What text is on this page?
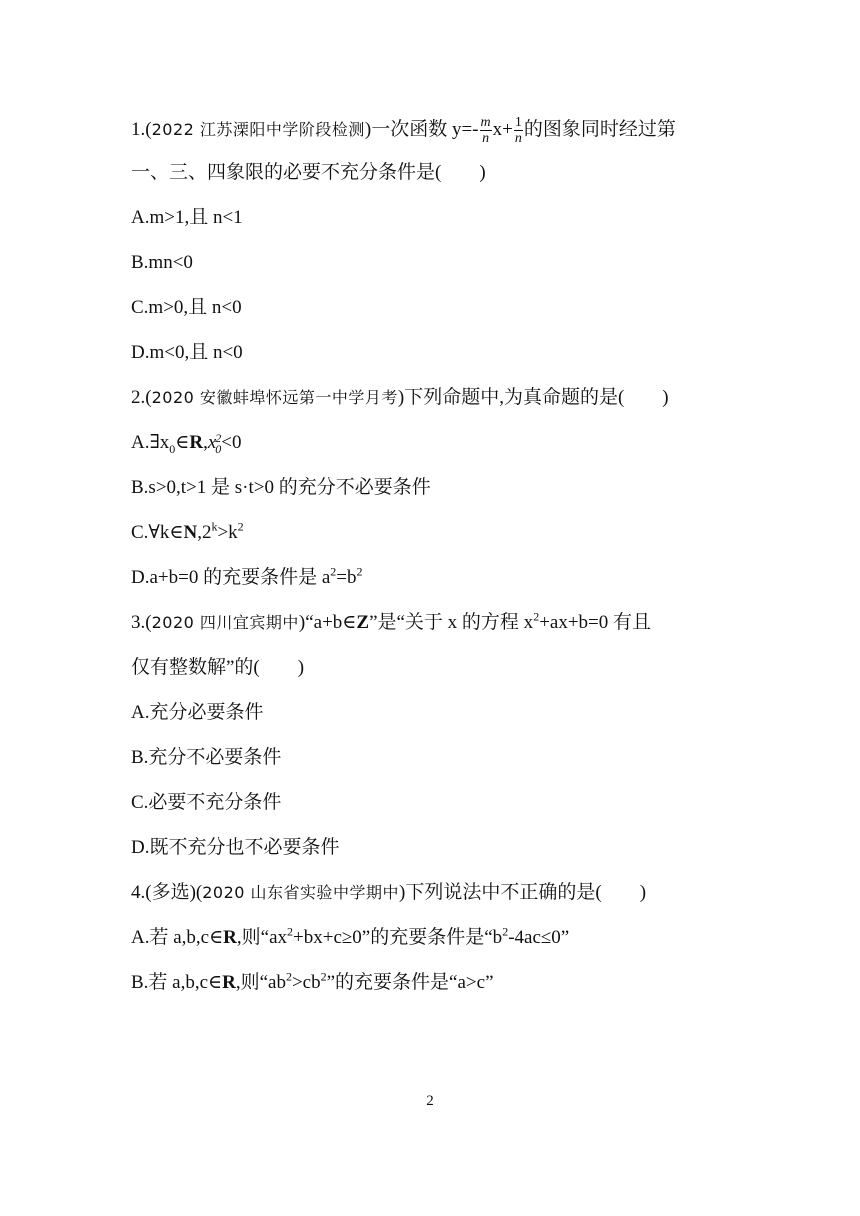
1.(2022 江苏溧阳中学阶段检测)一次函数 $y=- \frac{m}{n} x+ \frac{1}{n}$ 的图象同时经过第
一、三、四象限的必要不充分条件是(　　)
A.m>1,且 n<1
B.mn<0
C.m>0,且 n<0
D.m<0,且 n<0
2.(2020 安徽蚌埠怀远第一中学月考)下列命题中,为真命题的是(　　)
$A.\exists x_0\in R,x$ 2
0 <0
B.s>0,t>1 是 s·t>0 的充分不必要条件
$C.\forall k\in N,2^k>k^2$
D.a+b=0 的充要条件是 $a^2=b^2$
3.(2020 四川宜宾期中)“a+b∈Z”是“关于 x 的方程 $x^2+ax+b=0$ 有且
仅有整数解”的(　　)
A.充分必要条件
B.充分不必要条件
C.必要不充分条件
D.既不充分也不必要条件
4.(多选)(2020 山东省实验中学期中)下列说法中不正确的是(　　)
A.若 a,b,c∈R,则“$ax^2+bx+c\ge 0$”的充要条件是“$b^2-4ac\le 0$”
B.若 a,b,c∈R,则“$ab^2>cb^2$”的充要条件是“a>c”
2
